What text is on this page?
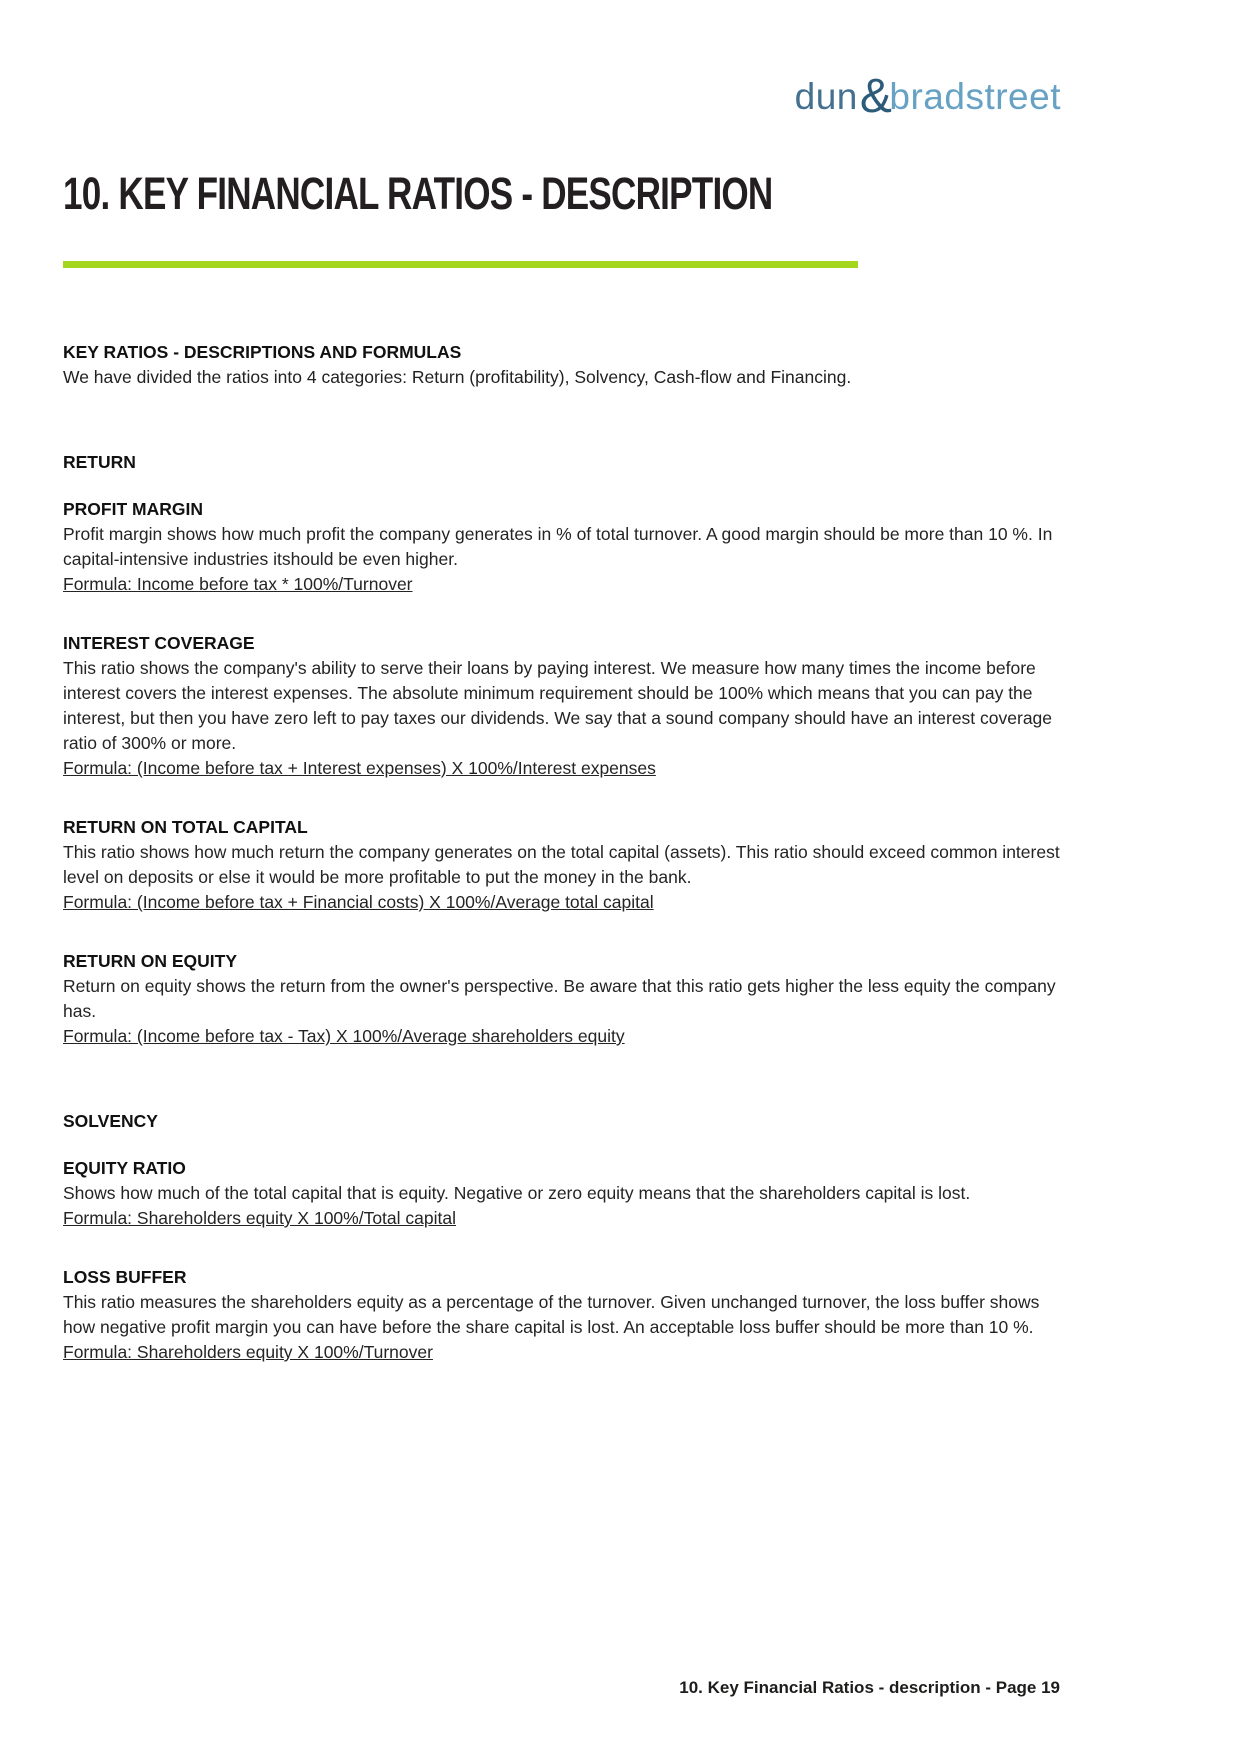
dun &
bradstreet
10. KEY FINANCIAL RATIOS - DESCRIPTION
KEY RATIOS - DESCRIPTIONS AND FORMULAS
We have divided the ratios into 4 categories: Return (profitability), Solvency, Cash-flow and Financing.
RETURN
PROFIT MARGIN
Profit margin shows how much profit the company generates in % of total turnover. A good margin should be more than 10 %. In capital-intensive industries itshould be even higher.
Formula: Income before tax * 100%/Turnover
INTEREST COVERAGE
This ratio shows the company's ability to serve their loans by paying interest. We measure how many times the income before interest covers the interest expenses. The absolute minimum requirement should be 100% which means that you can pay the interest, but then you have zero left to pay taxes our dividends. We say that a sound company should have an interest coverage ratio of 300% or more.
Formula: (Income before tax + Interest expenses) X 100%/Interest expenses
RETURN ON TOTAL CAPITAL
This ratio shows how much return the company generates on the total capital (assets). This ratio should exceed common interest level on deposits or else it would be more profitable to put the money in the bank.
Formula: (Income before tax + Financial costs) X 100%/Average total capital
RETURN ON EQUITY
Return on equity shows the return from the owner's perspective. Be aware that this ratio gets higher the less equity the company has.
Formula: (Income before tax - Tax) X 100%/Average shareholders equity
SOLVENCY
EQUITY RATIO
Shows how much of the total capital that is equity. Negative or zero equity means that the shareholders capital is lost.
Formula: Shareholders equity X 100%/Total capital
LOSS BUFFER
This ratio measures the shareholders equity as a percentage of the turnover. Given unchanged turnover, the loss buffer shows how negative profit margin you can have before the share capital is lost. An acceptable loss buffer should be more than 10 %.
Formula: Shareholders equity X 100%/Turnover
10. Key Financial Ratios - description - Page 19
